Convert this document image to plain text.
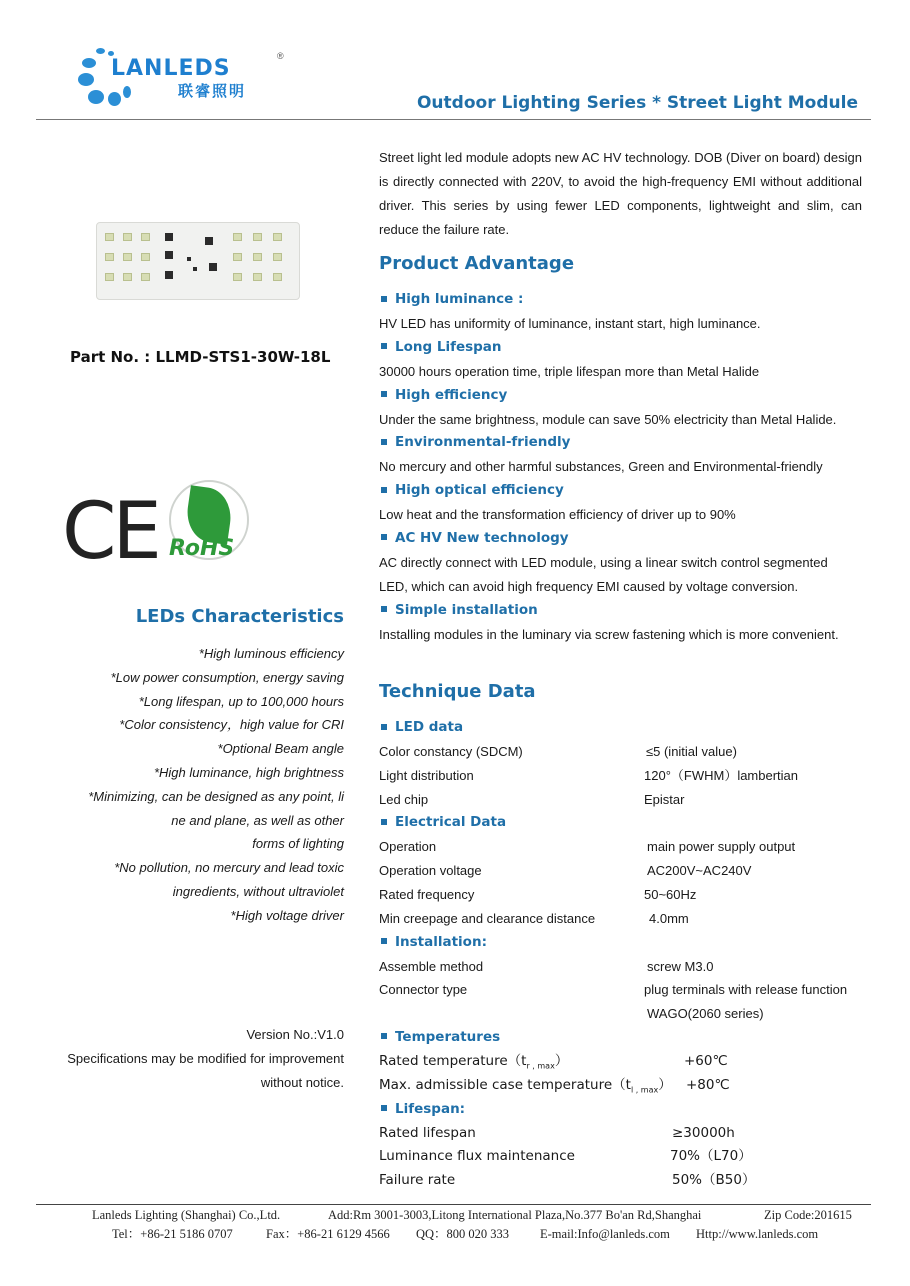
LANLEDS
联睿照明
®
Outdoor Lighting Series * Street Light Module
Part No. : LLMD-STS1-30W-18L
CE RoHS
LEDs Characteristics
*High luminous efficiency
*Low power consumption, energy saving
*Long lifespan, up to 100,000 hours
*Color consistency，high value for CRI
*Optional Beam angle
*High luminance, high brightness
*Minimizing, can be designed as any point, li
ne and plane, as well as other
forms of lighting
*No pollution, no mercury and lead toxic
ingredients, without ultraviolet
*High voltage driver
Version No.:V1.0
Specifications may be modified for improvement
without notice.
Street light led module adopts new AC HV technology. DOB (Diver on board) design is directly connected with 220V, to avoid the high-frequency EMI without additional driver. This series by using fewer LED components, lightweight and slim, can reduce the failure rate.
Product Advantage
High luminance :
HV LED has uniformity of luminance, instant start, high luminance.
Long Lifespan
30000 hours operation time, triple lifespan more than Metal Halide
High efficiency
Under the same brightness, module can save 50% electricity than Metal Halide.
Environmental-friendly
No mercury and other harmful substances, Green and Environmental-friendly
High optical efficiency
Low heat and the transformation efficiency of driver up to 90%
AC HV New technology
AC directly connect with LED module, using a linear switch control segmented
LED, which can avoid high frequency EMI caused by voltage conversion.
Simple installation
Installing modules in the luminary via screw fastening which is more convenient.
Technique Data
LED data
Color constancy (SDCM)	≤5 (initial value)
Light distribution	120°（FWHM）lambertian
Led chip	Epistar
Electrical Data
Operation	main power supply output
Operation voltage	AC200V~AC240V
Rated frequency	50~60Hz
Min creepage and clearance distance	4.0mm
Installation:
Assemble method	screw M3.0
Connector type	plug terminals with release function
WAGO(2060 series)
Temperatures
Rated $temperature(t_{r , max})$	+60℃
Max. admissible case $temperature(t_{l , max})$ +80℃
Lifespan:
Rated lifespan	≥30000h
Luminance flux maintenance	70%（L70）
Failure rate	50%（B50）
Lanleds Lighting (Shanghai) Co.,Ltd.	Add:Rm 3001-3003,Litong International Plaza,No.377 Bo'an Rd,Shanghai	Zip Code:201615
Tel：+86-21 5186 0707	Fax：+86-21 6129 4566 QQ：800 020 333 E-mail:Info@lanleds.com Http://www.lanleds.com
